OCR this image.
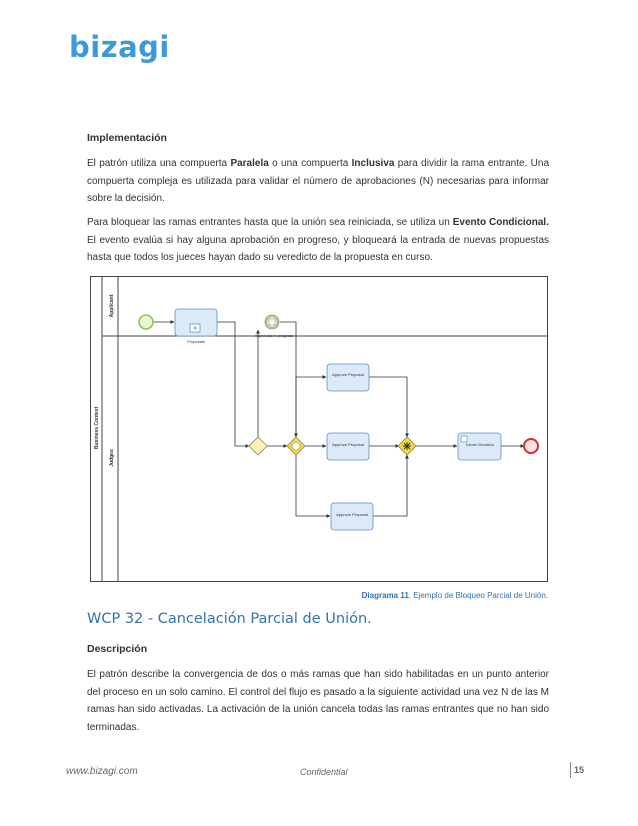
bizagi
Implementación
El patrón utiliza una compuerta Paralela o una compuerta Inclusiva para dividir la rama entrante. Una compuerta compleja es utilizada para validar el número de aprobaciones (N) necesarias para informar sobre la decisión.
Para bloquear las ramas entrantes hasta que la unión sea reiniciada, se utiliza un Evento Condicional. El evento evalúa si hay alguna aprobación en progreso, y bloqueará la entrada de nuevas propuestas hasta que todos los jueces hayan dado su veredicto de la propuesta en curso.
Business Context
Applicant
Judges
Proposals
Approvals in progress
Approve Proposal
Approve Proposal
Approve Proposal
Inform Decision
Diagrama 11. Ejemplo de Bloqueo Parcial de Unión.
WCP 32 - Cancelación Parcial de Unión.
Descripción
El patrón describe la convergencia de dos o más ramas que han sido habilitadas en un punto anterior del proceso en un solo camino. El control del flujo es pasado a la siguiente actividad una vez N de las M ramas han sido activadas. La activación de la unión cancela todas las ramas entrantes que no han sido terminadas.
www.bizagi.com	Confidential	15
